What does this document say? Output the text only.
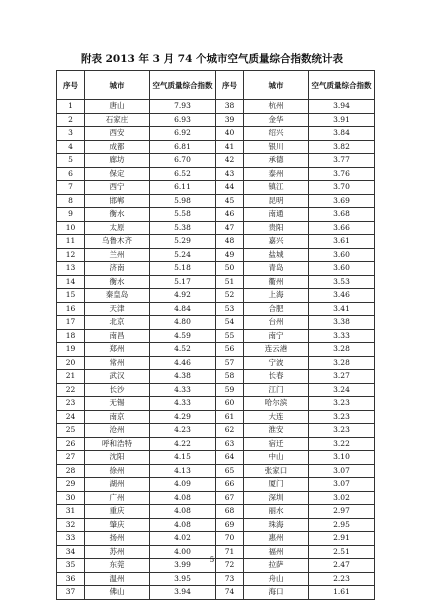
附表 2013 年 3 月 74 个城市空气质量综合指数统计表
序号	城市	空气质量综合指数	序号	城市	空气质量综合指数
1	唐山	7.93	38	杭州	3.94
2	石家庄	6.93	39	金华	3.91
3	西安	6.92	40	绍兴	3.84
4	成都	6.81	41	银川	3.82
5	廊坊	6.70	42	承德	3.77
6	保定	6.52	43	泰州	3.76
7	西宁	6.11	44	镇江	3.70
8	邯郸	5.98	45	昆明	3.69
9	衡水	5.58	46	南通	3.68
10	太原	5.38	47	贵阳	3.66
11	乌鲁木齐	5.29	48	嘉兴	3.61
12	兰州	5.24	49	盐城	3.60
13	济南	5.18	50	青岛	3.60
14	衡水	5.17	51	衢州	3.53
15	秦皇岛	4.92	52	上海	3.46
16	天津	4.84	53	合肥	3.41
17	北京	4.80	54	台州	3.38
18	南昌	4.59	55	南宁	3.33
19	郑州	4.52	56	连云港	3.28
20	常州	4.46	57	宁波	3.28
21	武汉	4.38	58	长春	3.27
22	长沙	4.33	59	江门	3.24
23	无锡	4.33	60	哈尔滨	3.23
24	南京	4.29	61	大连	3.23
25	沧州	4.23	62	淮安	3.23
26	呼和浩特	4.22	63	宿迁	3.22
27	沈阳	4.15	64	中山	3.10
28	徐州	4.13	65	张家口	3.07
29	湖州	4.09	66	厦门	3.07
30	广州	4.08	67	深圳	3.02
31	重庆	4.08	68	丽水	2.97
32	肇庆	4.08	69	珠海	2.95
33	扬州	4.02	70	惠州	2.91
34	苏州	4.00	71	福州	2.51
35	东莞	3.99	72	拉萨	2.47
36	温州	3.95	73	舟山	2.23
37	佛山	3.94	74	海口	1.61
5
